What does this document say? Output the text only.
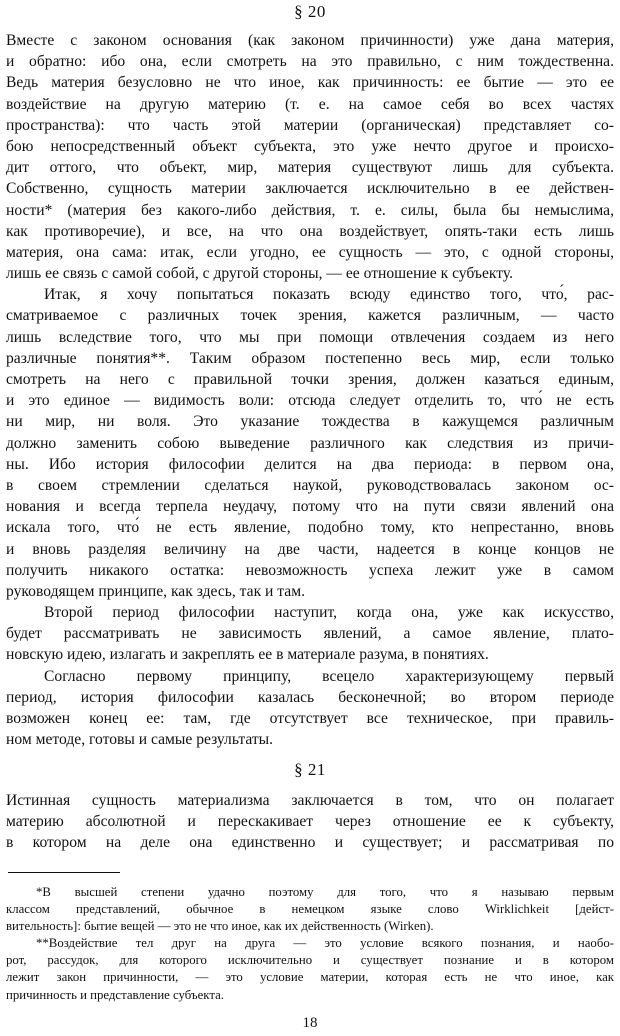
§ 20
Вместе с законом основания (как законом причинности) уже дана материя,
и обратно: ибо она, если смотреть на это правильно, с ним тождественна.
Ведь материя безусловно не что иное, как причинность: ее бытие — это ее
воздействие на другую материю (т. е. на самое себя во всех частях
пространства): что часть этой материи (органическая) представляет со-
бою непосредственный объект субъекта, это уже нечто другое и происхо-
дит оттого, что объект, мир, материя существуют лишь для субъекта.
Собственно, сущность материи заключается исключительно в ее действен-
ности* (материя без какого-либо действия, т. е. силы, была бы немыслима,
как противоречие), и все, на что она воздействует, опять-таки есть лишь
материя, она сама: итак, если угодно, ее сущность — это, с одной стороны,
лишь ее связь с самой собой, с другой стороны, — ее отношение к субъекту.
Итак, я хочу попытаться показать всюду единство того, что́, рас-
сматриваемое с различных точек зрения, кажется различным, — часто
лишь вследствие того, что мы при помощи отвлечения создаем из него
различные понятия**. Таким образом постепенно весь мир, если только
смотреть на него с правильной точки зрения, должен казаться единым,
и это единое — видимость воли: отсюда следует отделить то, что́ не есть
ни мир, ни воля. Это указание тождества в кажущемся различным
должно заменить собою выведение различного как следствия из причи-
ны. Ибо история философии делится на два периода: в первом она,
в своем стремлении сделаться наукой, руководствовалась законом ос-
нования и всегда терпела неудачу, потому что на пути связи явлений она
искала того, что́ не есть явление, подобно тому, кто непрестанно, вновь
и вновь разделяя величину на две части, надеется в конце концов не
получить никакого остатка: невозможность успеха лежит уже в самом
руководящем принципе, как здесь, так и там.
Второй период философии наступит, когда она, уже как искусство,
будет рассматривать не зависимость явлений, а самое явление, плато-
новскую идею, излагать и закреплять ее в материале разума, в понятиях.
Согласно первому принципу, всецело характеризующему первый
период, история философии казалась бесконечной; во втором периоде
возможен конец ее: там, где отсутствует все техническое, при правиль-
ном методе, готовы и самые результаты.
§ 21
Истинная сущность материализма заключается в том, что он полагает
материю абсолютной и перескакивает через отношение ее к субъекту,
в котором на деле она единственно и существует; и рассматривая по
*В высшей степени удачно поэтому для того, что я называю первым
классом представлений, обычное в немецком языке слово Wirklichkeit [дейст-
вительность]: бытие вещей — это не что иное, как их действенность (Wirken).
**Воздействие тел друг на друга — это условие всякого познания, и наобо-
рот, рассудок, для которого исключительно и существует познание и в котором
лежит закон причинности, — это условие материи, которая есть не что иное, как
причинность и представление субъекта.
18
